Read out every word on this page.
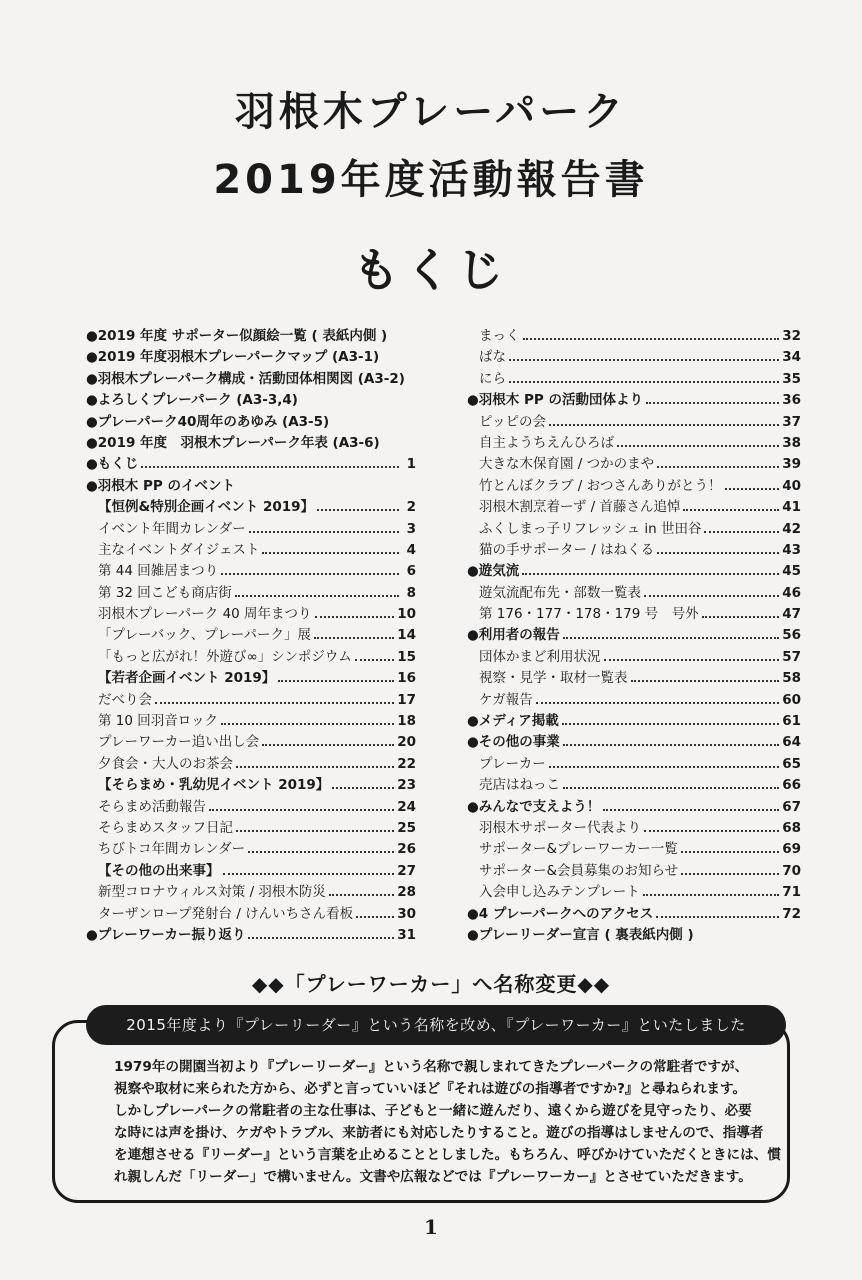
羽根木プレーパーク
2019年度活動報告書
もくじ
●2019 年度 サポーター似顔絵一覧 ( 表紙内側 )
●2019 年度羽根木プレーパークマップ (A3-1)
●羽根木プレーパーク構成・活動団体相関図 (A3-2)
●よろしくプレーパーク (A3-3,4)
●プレーパーク40周年のあゆみ (A3-5)
●2019 年度　羽根木プレーパーク年表 (A3-6)
●もくじ	1
●羽根木 PP のイベント
【恒例&特別企画イベント 2019】	2
イベント年間カレンダー	3
主なイベントダイジェスト	4
第 44 回雑居まつり	6
第 32 回こども商店街	8
羽根木プレーパーク 40 周年まつり	10
「プレーバック、プレーパーク」展	14
「もっと広がれ！外遊び∞」シンポジウム	15
【若者企画イベント 2019】	16
だべり会	17
第 10 回羽音ロック	18
プレーワーカー追い出し会	20
夕食会・大人のお茶会	22
【そらまめ・乳幼児イベント 2019】	23
そらまめ活動報告	24
そらまめスタッフ日記	25
ちびトコ年間カレンダー	26
【その他の出来事】	27
新型コロナウィルス対策 / 羽根木防災	28
ターザンロープ発射台 / けんいちさん看板	30
●プレーワーカー振り返り	31
まっく	32
ぱな	34
にら	35
●羽根木 PP の活動団体より	36
ピッピの会	37
自主ようちえんひろば	38
大きな木保育園 / つかのまや	39
竹とんぼクラブ / おつさんありがとう！	40
羽根木割烹着ーず / 首藤さん追悼	41
ふくしまっ子リフレッシュ in 世田谷	42
猫の手サポーター / はねくる	43
●遊気流	45
遊気流配布先・部数一覧表	46
第 176・177・178・179 号　号外	47
●利用者の報告	56
団体かまど利用状況	57
視察・見学・取材一覧表	58
ケガ報告	60
●メディア掲載	61
●その他の事業	64
プレーカー	65
売店はねっこ	66
●みんなで支えよう！	67
羽根木サポーター代表より	68
サポーター&プレーワーカー一覧	69
サポーター&会員募集のお知らせ	70
入会申し込みテンプレート	71
●4 プレーパークへのアクセス	72
●プレーリーダー宣言 ( 裏表紙内側 )
◆◆「プレーワーカー」へ名称変更◆◆
2015年度より『プレーリーダー』という名称を改め、『プレーワーカー』といたしました

1979年の開園当初より『プレーリーダー』という名称で親しまれてきたプレーパークの常駐者ですが、

視察や取材に来られた方から、必ずと言っていいほど『それは遊びの指導者ですか?』と尋ねられます。

しかしプレーパークの常駐者の主な仕事は、子どもと一緒に遊んだり、遠くから遊びを見守ったり、必要

な時には声を掛け、ケガやトラブル、来訪者にも対応したりすること。遊びの指導はしませんので、指導者

を連想させる『リーダー』という言葉を止めることとしました。もちろん、呼びかけていただくときには、慣

れ親しんだ「リーダー」で構いません。文書や広報などでは『プレーワーカー』とさせていただきます。

1
